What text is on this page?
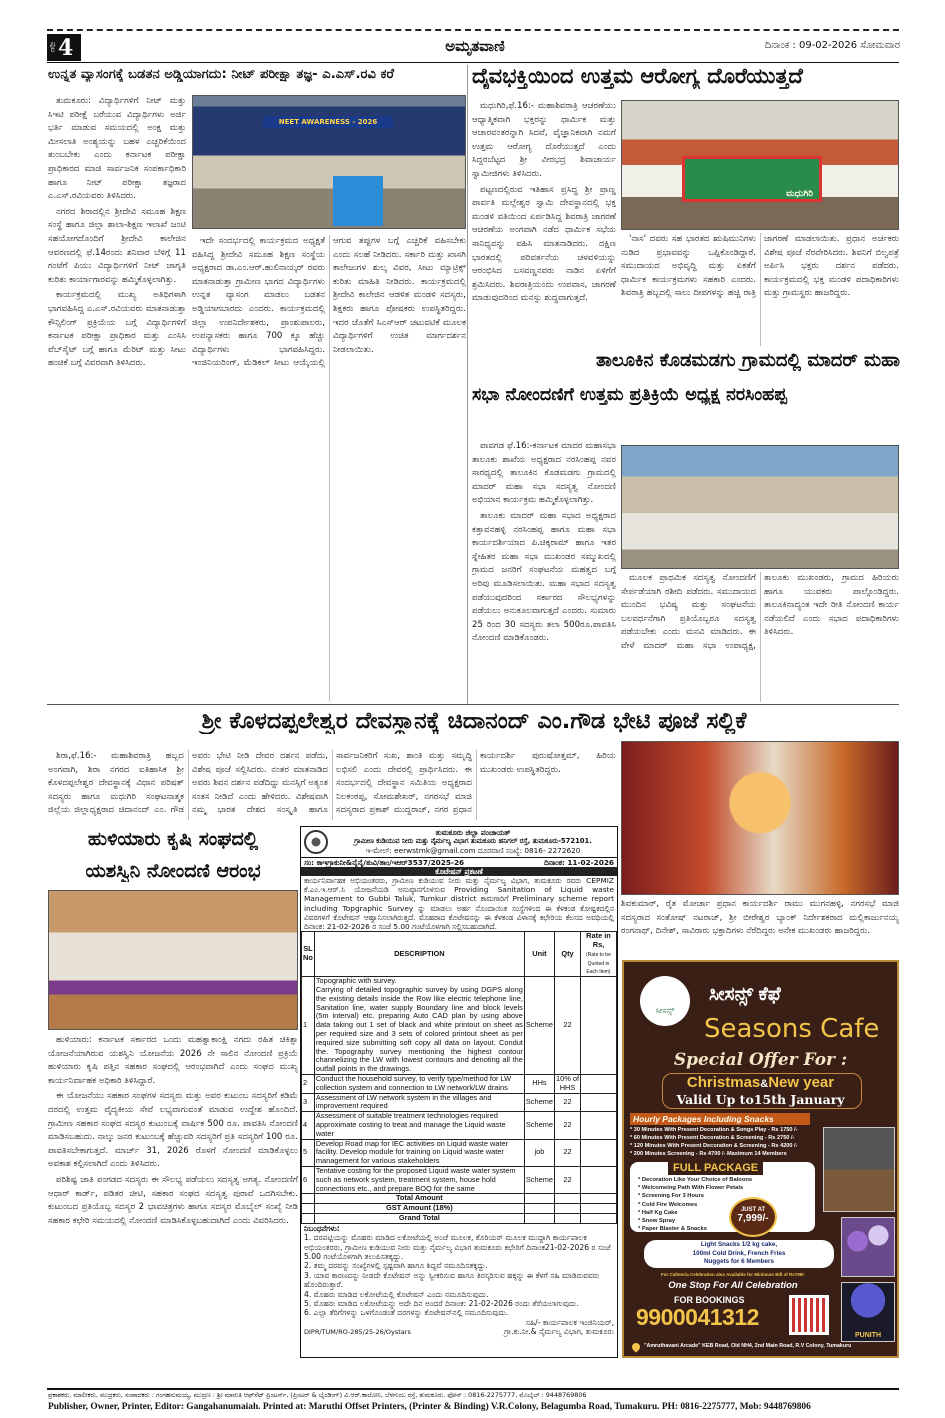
ಪುಟ 4	ಅಮೃತವಾಣಿ	ದಿನಾಂಕ : 09-02-2026 ಸೋಮವಾರ
ಉನ್ನತ ವ್ಯಾಸಂಗಕ್ಕೆ ಬಡತನ ಅಡ್ಡಿಯಾಗದು: ನೀಟ್ ಪರೀಕ್ಷಾ ತಜ್ಞ- ಎ.ಎಸ್.ರವಿ ಕರೆ
NEET AWARENESS - 2026

ತುಮಕೂರು: ವಿದ್ಯಾರ್ಥಿಗಳಿಗೆ ನೀಟ್ ಮತ್ತು ಸಿಇಟಿ ಪರೀಕ್ಷೆ ಬರೆಯುವ ವಿದ್ಯಾರ್ಥಿಗಳು ಅರ್ಜಿ ಭರ್ತಿ ಮಾಡುವ ಸಮಯದಲ್ಲಿ ಅಂಕ್ಷ ಮತ್ತು ಮೀಸಲಾತಿ ಅಂಶ್ಯಯನ್ನು ಬಹಳ ಎಚ್ಚರಿಕೆಯಿಂದ ತುಂಬಬೇಕು ಎಂದು ಕರ್ನಾಟಕ ಪರೀಕ್ಷಾ ಪ್ರಾಧಿಕಾರದ ಮಾಜಿ ಸಾರ್ವಜನಿಕ ಸಂಪರ್ಕಾಧಿಕಾರಿ ಹಾಗೂ ನೀಟ್ ಪರೀಕ್ಷಾ ತಜ್ಞರಾದ ಎ.ಎಸ್.ರವಿಯವರು ತಿಳಿಸಿದರು.

ನಗರದ ಶಿರಾದಲ್ಲಿನ ಶ್ರೀದೇವಿ ಸಮೂಹ ಶಿಕ್ಷಣ ಸಂಸ್ಥೆ ಹಾಗೂ ಜಿಲ್ಲಾ ಶಾಲಾ-ಶಿಕ್ಷಣ ಇಲಾಖೆ ಜಂಟಿ ಸಹಯೋಗದೊಂದಿಗೆ ಶ್ರೀದೇವಿ ಕಾಲೇಜಿನ ಆವರಣದಲ್ಲಿ ಫೆ.14ರಂದು ಶನಿವಾರ ಬೆಳಿಗ್ಗೆ 11 ಗಂಟೆಗೆ ಪಿಯು ವಿದ್ಯಾರ್ಥಿಗಳಿಗೆ ನೀಟ್ ಜಾಗೃತಿ ಕುರಿತು ಕಾರ್ಯಾಗಾರವನ್ನು ಹಮ್ಮಿಕೊಳ್ಳಲಾಗಿತ್ತು.

ಕಾರ್ಯಕ್ರಮದಲ್ಲಿ ಮುಖ್ಯ ಅತಿಥಿಗಳಾಗಿ ಭಾಗವಹಿಸಿದ್ದ ಎ.ಎಸ್.ರವಿಯವರು ಮಾತನಾಡುತ್ತಾ ಕೌನ್ಸಿಲಿಂಗ್ ಪ್ರಕ್ರಿಯೆಯ ಬಗ್ಗೆ ವಿದ್ಯಾರ್ಥಿಗಳಿಗೆ ಕರ್ನಾಟಕ ಪರೀಕ್ಷಾ ಪ್ರಾಧಿಕಾರ ಮತ್ತು ಎಂಸಿಸಿ ವೆಬ್‌ಸೈಟ್ ಬಗ್ಗೆ ಹಾಗೂ ಮೆರಿಟ್ ಮತ್ತು ಸೀಟು ಹಂಚಿಕೆ ಬಗ್ಗೆ ವಿವರವಾಗಿ ತಿಳಿಸಿದರು.

ಇದೇ ಸಂದರ್ಭದಲ್ಲಿ ಕಾರ್ಯಕ್ರಮದ ಅಧ್ಯಕ್ಷತೆ ವಹಿಸಿದ್ದ ಶ್ರೀದೇವಿ ಸಮೂಹ ಶಿಕ್ಷಣ ಸಂಸ್ಥೆಯ ಅಧ್ಯಕ್ಷರಾದ ಡಾ.ಎಂ.ಆರ್.ಹುಲಿನಾಯ್ಕರ್ ರವರು ಮಾತನಾಡುತ್ತಾ ಗ್ರಾಮೀಣ ಭಾಗದ ವಿದ್ಯಾರ್ಥಿಗಳು ಉನ್ನತ ವ್ಯಾಸಂಗ ಮಾಡಲು ಬಡತನ ಅಡ್ಡಿಯಾಗಬಾರದು ಎಂದರು. ಕಾರ್ಯಕ್ರಮದಲ್ಲಿ ಜಿಲ್ಲಾ ಉಪನಿರ್ದೇಶಕರು, ಪ್ರಾಂಶುಪಾಲರು, ಉಪನ್ಯಾಸಕರು ಹಾಗೂ 700 ಕ್ಕೂ ಹೆಚ್ಚು ವಿದ್ಯಾರ್ಥಿಗಳು ಭಾಗವಹಿಸಿದ್ದರು. ಇಂಜಿನಿಯರಿಂಗ್, ಮೆಡಿಕಲ್ ಸೀಟು ಆಯ್ಕೆಯಲ್ಲಿ ಆಗುವ ತಪ್ಪುಗಳ ಬಗ್ಗೆ ಎಚ್ಚರಿಕೆ ವಹಿಸಬೇಕು ಎಂದು ಸಲಹೆ ನೀಡಿದರು. ಸರ್ಕಾರಿ ಮತ್ತು ಖಾಸಗಿ ಕಾಲೇಜುಗಳ ಶುಲ್ಕ ವಿವರ, ಸೀಟು ಮ್ಯಾಟ್ರಿಕ್ಸ್ ಕುರಿತು ಮಾಹಿತಿ ನೀಡಿದರು. ಕಾರ್ಯಕ್ರಮದಲ್ಲಿ ಶ್ರೀದೇವಿ ಕಾಲೇಜಿನ ಆಡಳಿತ ಮಂಡಳಿ ಸದಸ್ಯರು, ಶಿಕ್ಷಕರು ಹಾಗೂ ಪೋಷಕರು ಉಪಸ್ಥಿತರಿದ್ದರು. ಇದರ ಜೊತೆಗೆ ಸಿಎಸ್‌ಆರ್ ಚಟುವಟಿಕೆ ಮೂಲಕ ವಿದ್ಯಾರ್ಥಿಗಳಿಗೆ ಉಚಿತ ಮಾರ್ಗದರ್ಶನ ನೀಡಲಾಯಿತು.

ದೈವಭಕ್ತಿಯಿಂದ ಉತ್ತಮ ಆರೋಗ್ಯ ದೊರೆಯುತ್ತದೆ

ಮಧುಗಿರಿ,ಫೆ.16:- ಮಹಾಶಿವರಾತ್ರಿ ಆಚರಣೆಯು ಆಧ್ಯಾತ್ಮಿಕವಾಗಿ ಭಕ್ತರನ್ನು ಧಾರ್ಮಿಕ ಮತ್ತು ಆಚಾರವಂತರನ್ನಾಗಿ ಸಿದವೆ, ವೈಜ್ಞಾನಿಕವಾಗಿ ನಮಗೆ ಉತ್ತಮ ಆರೋಗ್ಯ ದೊರೆಯುತ್ತದೆ ಎಂದು ಸಿದ್ದರಬೆಟ್ಟದ ಶ್ರೀ ವೀರಭದ್ರ ಶಿವಾಚಾರ್ಯ ಸ್ವಾಮೀಜಿಗಳು ತಿಳಿಸಿದರು.

ಪಟ್ಟಣದಲ್ಲಿರುವ ಇತಿಹಾಸ ಪ್ರಸಿದ್ಧ ಶ್ರೀ ಪ್ರಾಣ್ಣ ಪಾರ್ವತಿ ಮಲ್ಲೇಶ್ವರ ಸ್ವಾಮಿ ದೇವಸ್ಥಾನದಲ್ಲಿ ಭಕ್ತ ಮಂಡಳಿ ವತಿಯಿಂದ ಏರ್ಪಡಿಸಿದ್ದ ಶಿವರಾತ್ರಿ ಜಾಗರಣೆ ಆಚರಣೆಯ ಅಂಗವಾಗಿ ನಡೆದ ಧಾರ್ಮಿಕ ಸಭೆಯ ಸಾನಿಧ್ಯವನ್ನು ವಹಿಸಿ ಮಾತನಾಡಿದರು. ದಕ್ಷಿಣ ಭಾರತದಲ್ಲಿ ಪರಿವರ್ತನೆಯ ಚಳವಳಿಯನ್ನು ಆರಂಭಿಸಿದ ಬಸವಣ್ಣನವರು ನಾಡಿನ ಏಳಿಗೆಗೆ ಶ್ರಮಿಸಿದರು. ಶಿವರಾತ್ರಿಯಂದು ಉಪವಾಸ, ಜಾಗರಣೆ ಮಾಡುವುದರಿಂದ ಮನಸ್ಸು ಶುದ್ಧವಾಗುತ್ತದೆ.

ಮಧುಗಿರಿ

'ನಾಸ' ದವರು ಸಹ ಭಾರತದ ಋಷಿಮುನಿಗಳು ನುಡಿದ ಪ್ರಭಾವವನ್ನು ಒಪ್ಪಿಕೊಂಡಿದ್ದಾರೆ. ಸಮುದಾಯದ ಅಭಿವೃದ್ಧಿ ಮತ್ತು ಏಕತೆಗೆ ಧಾರ್ಮಿಕ ಕಾರ್ಯಕ್ರಮಗಳು ಸಹಕಾರಿ ಎಂದರು. ಶಿವರಾತ್ರಿ ಹಬ್ಬದಲ್ಲಿ ಸಾಲು ದೀಪಗಳನ್ನು ಹಚ್ಚಿ ರಾತ್ರಿ ಜಾಗರಣೆ ಮಾಡಲಾಯಿತು. ಪ್ರಧಾನ ಅರ್ಚಕರು ವಿಶೇಷ ಪೂಜೆ ನೆರವೇರಿಸಿದರು. ಶಿವನಿಗೆ ಬಿಲ್ವಪತ್ರೆ ಅರ್ಪಿಸಿ ಭಕ್ತರು ದರ್ಶನ ಪಡೆದರು. ಕಾರ್ಯಕ್ರಮದಲ್ಲಿ ಭಕ್ತ ಮಂಡಳಿ ಪದಾಧಿಕಾರಿಗಳು ಮತ್ತು ಗ್ರಾಮಸ್ಥರು ಹಾಜರಿದ್ದರು.

ತಾಲೂಕಿನ ಕೊಡಮಡಗು ಗ್ರಾಮದಲ್ಲಿ ಮಾದರ್ ಮಹಾ
ಸಭಾ ನೋಂದಣಿಗೆ ಉತ್ತಮ ಪ್ರತಿಕ್ರಿಯೆ ಅಧ್ಯಕ್ಷ ನರಸಿಂಹಪ್ಪ

ಪಾವಗಡ ಫೆ.16:-ಕರ್ನಾಟಕ ಮಾದರ ಮಹಾಸಭಾ ತಾಲೂಕು ಶಾಖೆಯ ಅಧ್ಯಕ್ಷರಾದ ನರಸಿಂಹಪ್ಪ ನವರ ಸಾರಥ್ಯದಲ್ಲಿ ತಾಲೂಕಿನ ಕೊಡಮಡಗು ಗ್ರಾಮದಲ್ಲಿ ಮಾದರ್ ಮಹಾ ಸಭಾ ಸದಸ್ಯತ್ವ ನೋಂದಣಿ ಅಭಿಯಾನ ಕಾರ್ಯಕ್ರಮ ಹಮ್ಮಿಕೊಳ್ಳಲಾಗಿತ್ತು.

ತಾಲೂಕು ಮಾದರ್ ಮಹಾ ಸಭಾದ ಅಧ್ಯಕ್ಷರಾದ ಕತ್ತಾವನಹಳ್ಳಿ ನರಸಿಂಹಪ್ಪ ಹಾಗೂ ಮಹಾ ಸಭಾ ಕಾರ್ಯದರ್ಶಿಯಾದ ಪಿ.ಚಿಕ್ಕರಾಮ್ ಹಾಗೂ ಇತರ ಸ್ನೇಹಿತರ ಮಹಾ ಸಭಾ ಮುಖಂಡರ ಸಮ್ಮುಖದಲ್ಲಿ ಗ್ರಾಮದ ಜನರಿಗೆ ಸಂಘಟನೆಯ ಮಹತ್ವದ ಬಗ್ಗೆ ಅರಿವು ಮೂಡಿಸಲಾಯಿತು. ಮಹಾ ಸಭಾದ ಸದಸ್ಯತ್ವ ಪಡೆಯುವುದರಿಂದ ಸರ್ಕಾರದ ಸೌಲಭ್ಯಗಳನ್ನು ಪಡೆಯಲು ಅನುಕೂಲವಾಗುತ್ತದೆ ಎಂದರು. ಸುಮಾರು 25 ರಿಂದ 30 ಸದಸ್ಯರು ತಲಾ 500ರೂ.ಪಾವತಿಸಿ ನೋಂದಣಿ ಮಾಡಿಕೊಂಡರು.

ಮೂಲಕ ಪ್ರಾಥಮಿಕ ಸದಸ್ಯತ್ವ ನೋಂದಣಿಗೆ ಸೇರ್ಪಡೆಯಾಗಿ ರಶೀದಿ ಪಡೆದರು. ಸಮುದಾಯದ ಮುಂದಿನ ಭವಿಷ್ಯ ಮತ್ತು ಸಂಘಟನೆಯ ಬಲವರ್ಧನೆಗಾಗಿ ಪ್ರತಿಯೊಬ್ಬರೂ ಸದಸ್ಯತ್ವ ಪಡೆಯಬೇಕು ಎಂದು ಮನವಿ ಮಾಡಿದರು. ಈ ವೇಳೆ ಮಾದರ್ ಮಹಾ ಸಭಾ ಉಪಾಧ್ಯಕ್ಷ, ತಾಲೂಕು ಮುಖಂಡರು, ಗ್ರಾಮದ ಹಿರಿಯರು ಹಾಗೂ ಯುವಕರು ಪಾಲ್ಗೊಂಡಿದ್ದರು. ತಾಲೂಕಿನಾದ್ಯಂತ ಇದೇ ರೀತಿ ನೋಂದಣಿ ಕಾರ್ಯ ನಡೆಯಲಿದೆ ಎಂದು ಸಭಾದ ಪದಾಧಿಕಾರಿಗಳು ತಿಳಿಸಿದರು.

ಶ್ರೀ ಕೊಳದಪ್ಪಲೇಶ್ವರ ದೇವಸ್ಥಾನಕ್ಕೆ ಚಿದಾನಂದ್ ಎಂ.ಗೌಡ ಭೇಟಿ ಪೂಜೆ ಸಲ್ಲಿಕೆ

ಶಿರಾ,ಫೆ.16:- ಮಹಾಶಿವರಾತ್ರಿ ಹಬ್ಬದ ಅಂಗವಾಗಿ, ಶಿರಾ ನಗರದ ಐತಿಹಾಸಿಕ ಶ್ರೀ ಕೊಳದಪ್ಪಲೇಶ್ವರ ದೇವಸ್ಥಾನಕ್ಕೆ ವಿಧಾನ ಪರಿಷತ್ ಸದಸ್ಯರು ಹಾಗೂ ಮಧುಗಿರಿ ಸಂಘಟನಾತ್ಮಕ ಜಿಲ್ಲೆಯ ಜಿಲ್ಲಾಧ್ಯಕ್ಷರಾದ ಚಿದಾನಂದ್ ಎಂ. ಗೌಡ ಅವರು ಭೇಟಿ ನೀಡಿ ದೇವರ ದರ್ಶನ ಪಡೆದು, ವಿಶೇಷ ಪೂಜೆ ಸಲ್ಲಿಸಿದರು. ನಂತರ ಮಾತನಾಡಿದ ಅವರು ಶಿವನ ದರ್ಶನ ಪಡೆದಿದ್ದು ಮನಸ್ಸಿಗೆ ಅತ್ಯಂತ ಸಂತಸ ನೀಡಿದೆ ಎಂದು ಹೇಳಿದರು. ವಿಶೇಷವಾಗಿ ನಮ್ಮ ಭಾರತ ದೇಶದ ಸಂಸ್ಕೃತಿ ಹಾಗೂ ಸಾರ್ವಜನಿಕರಿಗೆ ಸುಖ, ಶಾಂತಿ ಮತ್ತು ಸಮೃದ್ಧಿ ಲಭಿಸಲಿ ಎಂದು ದೇವರಲ್ಲಿ ಪ್ರಾರ್ಥಿಸಿದರು. ಈ ಸಂದರ್ಭದಲ್ಲಿ ದೇವಸ್ಥಾನ ಸಮಿತಿಯ ಅಧ್ಯಕ್ಷರಾದ ನಿಲಕಂಠಪ್ಪ, ಸೋಮಶೇಖರ್, ನಗರಸಭೆ ಮಾಜಿ ಸದಸ್ಯರಾದ ಪ್ರಕಾಶ್ ಮುದ್ದರಾಜ್, ನಗರ ಪ್ರಧಾನ ಕಾರ್ಯದರ್ಶಿ ಪುರುಷೋತ್ತಮ್, ಹಿರಿಯ ಮುಖಂಡರು ಉಪಸ್ಥಿತರಿದ್ದರು.

ಶಿವಕುಮಾರ್, ರೈತ ಮೋರ್ಚಾ ಪ್ರಧಾನ ಕಾರ್ಯದರ್ಶಿ ರಾಮು ಮುಗನಹಳ್ಳಿ, ನಗರಸಭೆ ಮಾಜಿ ಸದಸ್ಯರಾದ ಸಂತೋಷ್ ನಟರಾಜ್, ಶ್ರೀ ಬೀರೇಶ್ವರ ಬ್ಯಾಂಕ್ ನಿರ್ದೇಶಕರಾದ ಮಲ್ಲಿಕಾರ್ಜುನಯ್ಯ ರಂಗನಾಥ್, ದಿನೇಶ್, ಸಾವಿರಾರು ಭಕ್ತಾದಿಗಳು ನೆರೆದಿದ್ದರು ಅನೇಕ ಮುಖಂಡರು ಹಾಜರಿದ್ದರು.
ಹುಳಿಯಾರು ಕೃಷಿ ಸಂಘದಲ್ಲಿ
ಯಶಸ್ವಿನಿ ನೋಂದಣಿ ಆರಂಭ

ಹುಳಿಯಾರು: ಕರ್ನಾಟಕ ಸರ್ಕಾರದ ಒಂದು ಮಹತ್ವಾಕಾಂಕ್ಷಿ ನಗದು ರಹಿತ ಚಿಕಿತ್ಸಾ ಯೋಜನೆಯಾಗಿರುವ ಯಶಸ್ವಿನಿ ಯೋಜನೆಯ 2026 ನೇ ಸಾಲಿನ ನೋಂದಣಿ ಪ್ರಕ್ರಿಯೆ ಹುಳಿಯಾರು ಕೃಷಿ ಪತ್ತಿನ ಸಹಕಾರ ಸಂಘದಲ್ಲಿ ಆರಂಭವಾಗಿದೆ ಎಂದು ಸಂಘದ ಮುಖ್ಯ ಕಾರ್ಯನಿರ್ವಾಹಕ ಅಧಿಕಾರಿ ತಿಳಿಸಿದ್ದಾರೆ.

ಈ ಯೋಜನೆಯು ಸಹಕಾರ ಸಂಘಗಳ ಸದಸ್ಯರು ಮತ್ತು ಅವರ ಕುಟುಂಬ ಸದಸ್ಯರಿಗೆ ಕಡಿಮೆ ದರದಲ್ಲಿ ಉತ್ತಮ ವೈದ್ಯಕೀಯ ಸೇವೆ ಲಭ್ಯವಾಗುವಂತೆ ಮಾಡುವ ಉದ್ದೇಶ ಹೊಂದಿದೆ. ಗ್ರಾಮೀಣ ಸಹಕಾರ ಸಂಘದ ಸದಸ್ಯರ ಕುಟುಂಬಕ್ಕೆ ವಾರ್ಷಿಕ 500 ರೂ. ಪಾವತಿಸಿ ನೋಂದಣಿ ಮಾಡಿಸಬಹುದು. ನಾಲ್ಕು ಜನರ ಕುಟುಂಬಕ್ಕೆ ಹೆಚ್ಚುವರಿ ಸದಸ್ಯರಿಗೆ ಪ್ರತಿ ಸದಸ್ಯರಿಗೆ 100 ರೂ. ಪಾವತಿಸಬೇಕಾಗುತ್ತದೆ. ಮಾರ್ಚ್ 31, 2026 ರೊಳಗೆ ನೋಂದಣಿ ಮಾಡಿಕೊಳ್ಳಲು ಅವಕಾಶ ಕಲ್ಪಿಸಲಾಗಿದೆ ಎಂದು ತಿಳಿಸಿದರು.

ಪರಿಶಿಷ್ಟ ಜಾತಿ ಪಂಗಡದ ಸದಸ್ಯರು ಈ ಸೌಲಭ್ಯ ಪಡೆಯಲು ಸದಸ್ಯತ್ವ ಅಗತ್ಯ. ನೋಂದಣಿಗೆ ಆಧಾರ್ ಕಾರ್ಡ್, ಪಡಿತರ ಚೀಟಿ, ಸಹಕಾರ ಸಂಘದ ಸದಸ್ಯತ್ವ ಪುರಾವೆ ಒದಗಿಸಬೇಕು. ಕುಟುಂಬದ ಪ್ರತಿಯೊಬ್ಬ ಸದಸ್ಯರ 2 ಭಾವಚಿತ್ರಗಳು ಹಾಗೂ ಸದಸ್ಯರ ಮೊಬೈಲ್ ಸಂಖ್ಯೆ ನೀಡಿ ಸಹಕಾರ ಕಛೇರಿ ಸಮಯದಲ್ಲಿ ನೋಂದಣಿ ಮಾಡಿಸಿಕೊಳ್ಳಬಹುದಾಗಿದೆ ಎಂದು ವಿವರಿಸಿದರು.

ತುಮಕೂರು ಜಿಲ್ಲಾ ಪಂಚಾಯತ್
ಗ್ರಾಮೀಣ ಕುಡಿಯುವ ನೀರು ಮತ್ತು ನೈರ್ಮಲ್ಯ ವಿಭಾಗ ತುಮಕೂರು ಹನಿಗಲ್ ರಸ್ತೆ, ತುಮಕೂರು-572101.
ಇ-ಮೇಲ್: eerwstmk@gmail.com ದೂರವಾಣಿ ಸಂಖ್ಯೆ: 0816- 2272620
ಸಂ: ಕಾಇಗ್ರಾಕುನೀ&ನೈನೈ/ತುವಿ/ತಾಂ/ಇಆರ್3537/2025-26	ದಿನಾಂಕ: 11-02-2026
ಕೊಟೇಷನ್ ಪ್ರಕಟಣೆ
ಕಾರ್ಯನಿರ್ವಾಹಕ ಅಭಿಯಂತರರು, ಗ್ರಾಮೀಣ ಕುಡಿಯುವ ನೀರು ಮತ್ತು ನೈರ್ಮಲ್ಯ ವಿಭಾಗ, ತುಮಕೂರು ರವರು CEPMIZ ಕೆ.ಎಂ.ಇ.ಆರ್.ಸಿ ಯೋಜನೆಯಡಿ ಅನುಷ್ಠಾನಗೊಳಿಸುವ Providing Sanitation of Liquid waste Management to Gubbi Taluk, Tumkur district ಕಾಮಗಾರಿಗೆ Preliminary scheme report including Topgraphic Survey ನ್ನು ಮಾಡಲು ಅರ್ಹ ನೊಂದಾಯಿತ ಸಂಸ್ಥೆಗಳಿಂದ ಈ ಕೆಳಕಂಡ ಕೋಷ್ಟಕದಲ್ಲಿನ ವಿವರಗಳಿಗೆ ಕೊಟೇಷನ್ ಆಹ್ವಾನಿಸಲಾಗಿರುತ್ತದೆ. ಮೊಹರಾದ ಕೊಟೇಷನನ್ನು ಈ ಕೆಳಕಂಡ ವಿಳಾಸಕ್ಕೆ ಕಛೇರಿಯ ಕೆಲಸದ ಅವಧಿಯಲ್ಲಿ ದಿನಾಂಕ: 21-02-2026 ರ ಸಂಜೆ 5.00 ಗಂಟೆಯೊಳಗಾಗಿ ಸಲ್ಲಿಸಬಹುದಾಗಿದೆ.
SL No	DESCRIPTION	Unit	Qty	Rate in Rs,
(Rate to be Quoted in Each Item)
1	Topographic with survey.
Carrying of detailed topographic survey by using DGPS along the existing details inside the Row like electric telephone line, Sanitation line, water supply Boundary line and block levels (5m interval) etc. preparing Auto CAD plan by using above data taking out 1 set of black and white printout on sheet as per required size and 3 sets of colored printout sheet as per required size submitting soft copy all data on layout. Condut the. Topography survey mentioning the highest contour channelizing the LW with lowest contours and denoting all the outfall points in the drawings.	Scheme	22	
2	Conduct the household survey, to verify type/method for LW collection system and connection to LW network/LW drains	HHs	10% of HHS	
3	Assessment of LW network system in the villages and improvement required	Scheme	22	
4	Assessment of suitable treatment technologies required approximate costing to treat and manage the Liquid waste water	Scheme	22	
5	Develop Road map for IEC activities on Liquid waste water facility. Develop module for training on Liquid waste water management for various stakeholders	job	22	
6	Tentative costing for the proposed Liquid waste water system such as network system, treatment system, house hold connections etc., and prepare BOQ for the same	Scheme	22	
	Total Amount			
	GST Amount (18%)			
	Grand Total			
ನಿಬಂಧನೆಗಳು:
1. ದರಪಟ್ಟಿಯನ್ನು ಮೊಹರು ಮಾಡಿದ ಲಕೋಟೆಯಲ್ಲಿ ಅಂಚೆ ಮೂಲಕ, ಕೊರಿಯರ್ ಮೂಲಕ ಮುದ್ದಾಗಿ ಕಾರ್ಯಪಾಲಕ ಅಭಿಯಂತರರು, ಗ್ರಾಮೀಣ ಕುಡಿಯುವ ನೀರು ಮತ್ತು ನೈರ್ಮಲ್ಯ ವಿಭಾಗ ತುಮಕೂರು ಕಛೇರಿಗೆ ದಿನಾಂಕ21-02-2026 ರ ಸಂಜೆ 5.00 ಗಂಟೆಯೊಳಗಾಗಿ ತಲುಪಿಸತಕ್ಕದ್ದು.
2. ತಮ್ಮ ದರವನ್ನು ಸಂಖ್ಯೆಗಳಲ್ಲಿ ಸ್ಪಷ್ಟವಾಗಿ ಹಾಗೂ ಶಿದ್ದವೆ ನಮೂದಿಸತಕ್ಕದ್ದು.
3. ಯಾವ ಕಾರಣವನ್ನು ನೀಡದೇ ಕೊಟೇಷನ್ ಅನ್ನು ಸ್ವೀಕರಿಸುವ ಹಾಗೂ ತಿರಸ್ಕರಿಸುವ ಹಕ್ಕನ್ನು ಈ ಕೆಳಗೆ ಸಹಿ ಮಾಡಿರುವವರು ಹೊಂದಿರುತ್ತಾರೆ.
4. ಮೊಹರು ಮಾಡಿದ ಲಕೋಟೆಯಲ್ಲಿ ಕೊಟೇಷನ್ ಎಂದು ನಮೂದಿಸುವುದು.
5. ಮೊಹರು ಮಾಡಿದ ಲಕೋಟೆಯನ್ನು ಅದೇ ದಿನ ಅಂದರೆ ದಿನಾಂಕ: 21-02-2026 ರಂದು ತೆರೆಯಲಾಗುವುದು.
6. ಎಲ್ಲಾ ತೆರಿಗೆಗಳನ್ನು ಒಳಗೊಂಡಂತೆ ದರಗಳನ್ನು ಕೊಟೇಷನ್‌ನಲ್ಲಿ ನಮೂದಿಸುವುದು.
ಸಹಿ/- ಕಾರ್ಯಪಾಲಕ ಇಂಜಿನಿಯರ್,
DIPR/TUM/RO-285/25-26/Oystars	ಗ್ರಾ.ಕು.ನೀ.& ನೈರ್ಮಲ್ಯ ವಿಭಾಗ, ತುಮಕೂರು
ಸೀಸನ್ಸ್
ಸೀಸನ್ಸ್ ಕೆಫೆ
Seasons Cafe
Special Offer For :
Christmas&New year
Valid Up to15th January
Hourly Packages Including Snacks
* 30 Minutes With Present Decoration & Songs Play - Rs 1750 /-
* 60 Minutes With Present Decoration & Screening - Rs 2750 /-
* 120 Minutes With Present Decoration & Screening - Rs 4200 /-
* 200 Minutes Screening - Rs 4700 /- Maximum 14 Members
* Decoration Like Your Choice of Baloons
* Welcomeing Path With Flower Petals
* Screening For 3 Hours
* Cold Fire Welcomes
* Half Kg Cake
* Snow Spray
* Paper Blaster & Snacks
FULL PACKAGE
JUST AT
7,999/-
PUNITH
Light Snacks 1/2 kg cake,
100ml Cold Drink, French Fries
Nuggets for 6 Members
For Cafeteria Celebration also Available for Minimum Bill of Rs799/-
One Stop For All Celebration
FOR BOOKINGS
9900041312
"Amruthavani Arcade" KEB Road, Old NH4, 2nd Main Road, R.V Colony, Tumakuru
ಪ್ರಕಾಶಕರು, ಮಾಲೀಕರು, ಮುದ್ರಕರು, ಸಂಪಾದಕರು : ಗಂಗಹನುಮಯ್ಯ, ಮುದ್ರಣ : ಶ್ರೀ ಮಾರುತಿ ಆಫ್‌ಸೆಟ್ ಪ್ರಿಂಟರ್ಸ್, (ಪ್ರಿಂಟರ್ & ಬೈಂಡಿಂಗ್) ವಿ.ಆರ್.ಕಾಲೋನಿ, ಬೆಳಗುಂಬ ರಸ್ತೆ, ತುಮಕೂರು. ಫೋನ್ : 0816-2275777, ಮೊಬೈಲ್ : 9448769806
Publisher, Owner, Printer, Editor: Gangahanumaiah. Printed at: Maruthi Offset Printers, (Printer & Binding) V.R.Colony, Belagumba Road, Tumakuru. PH: 0816-2275777, Mob: 9448769806
